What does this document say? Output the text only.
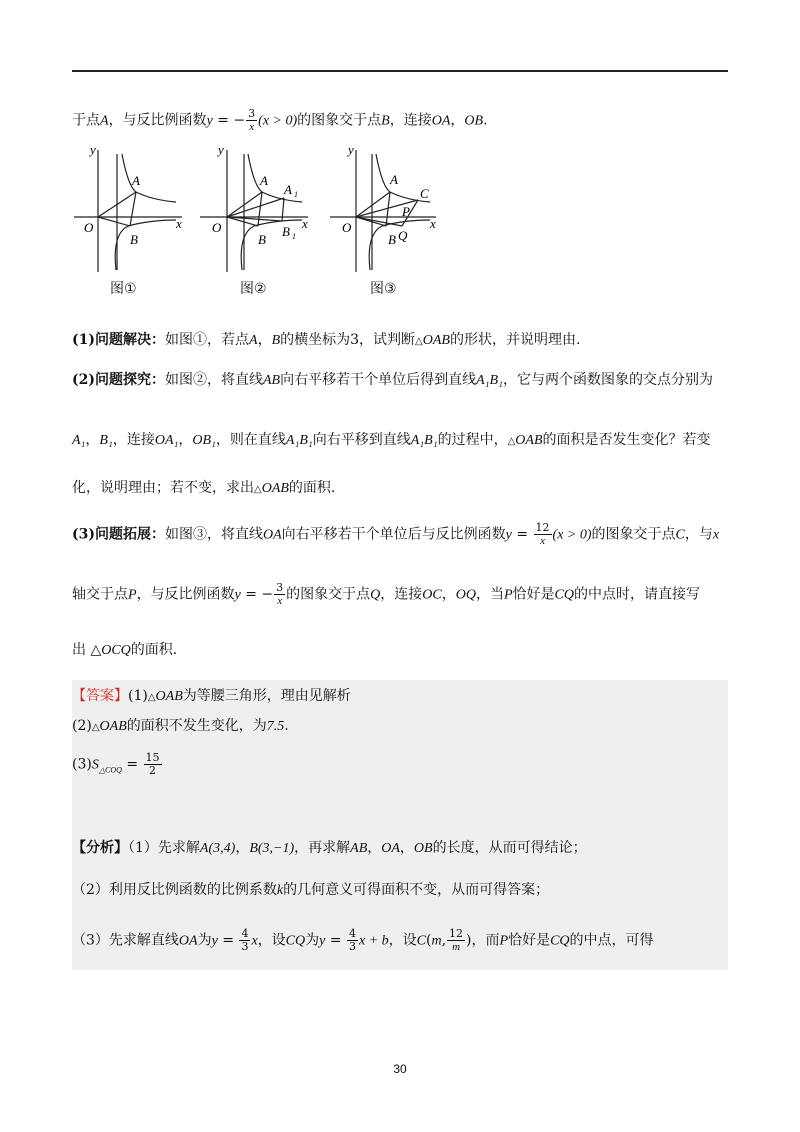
于点A，与反比例函数y = − $\frac{3}{x} (x > 0)$的图象交于点B，连接OA，OB.
y
x
O
A
B
y
x
O
A
B
A 1
B 1
y
x
O
A
B
C
P
Q
图①	图②	图③
(1)问题解决：如图①，若点A，B的横坐标为3，试判断△OAB的形状，并说明理由.
(2)问题探究：如图②，将直线AB向右平移若干个单位后得到直线A₁B₁，它与两个函数图象的交点分别为
A₁，B₁，连接OA₁，OB₁，则在直线A₁B₁向右平移到直线A₁B₁的过程中，△OAB的面积是否发生变化？若变
化，说明理由；若不变，求出△OAB的面积.
(3)问题拓展：如图③，将直线OA向右平移若干个单位后与反比例函数$y = \frac{12}{x} (x > 0)$的图象交于点C，与x
轴交于点P，与反比例函数y = − $\frac{3}{x}$ 的图象交于点Q，连接OC，OQ，当P恰好是CQ的中点时，请直接写
出 △OCQ的面积.
【答案】(1)△OAB为等腰三角形，理由见解析
(2)△OAB的面积不发生变化，为7.5.
$(3)S_{\triangle COQ} = \frac{15}{2}$
【分析】（1）先求解A(3,4)，B(3,−1)，再求解AB，OA，OB的长度，从而可得结论；
（2）利用反比例函数的比例系数k的几何意义可得面积不变，从而可得答案；
（3）先求解直线OA为$y = \frac{4}{3}$ x，设CQ为$y = \frac{4}{3}$ x + b，设C(m, $\frac{12}{m}$ )，而P恰好是CQ的中点，可得
30
